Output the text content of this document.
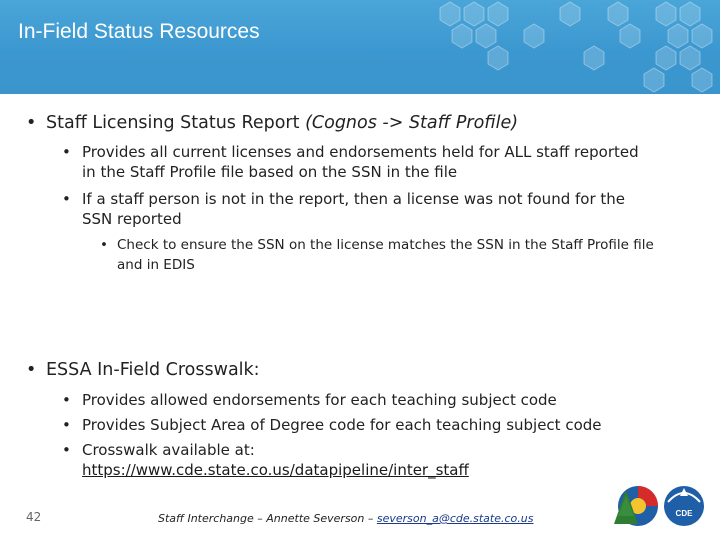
In-Field Status Resources
• Staff Licensing Status Report (Cognos -> Staff Profile)
• Provides all current licenses and endorsements held for ALL staff reported
in the Staff Profile file based on the SSN in the file
• If a staff person is not in the report, then a license was not found for the
SSN reported
• Check to ensure the SSN on the license matches the SSN in the Staff Profile file
and in EDIS
• ESSA In-Field Crosswalk:
• Provides allowed endorsements for each teaching subject code
• Provides Subject Area of Degree code for each teaching subject code
• Crosswalk available at:
https://www.cde.state.co.us/datapipeline/inter_staff
42	Staff Interchange – Annette Severson – severson_a@cde.state.co.us	CDE
